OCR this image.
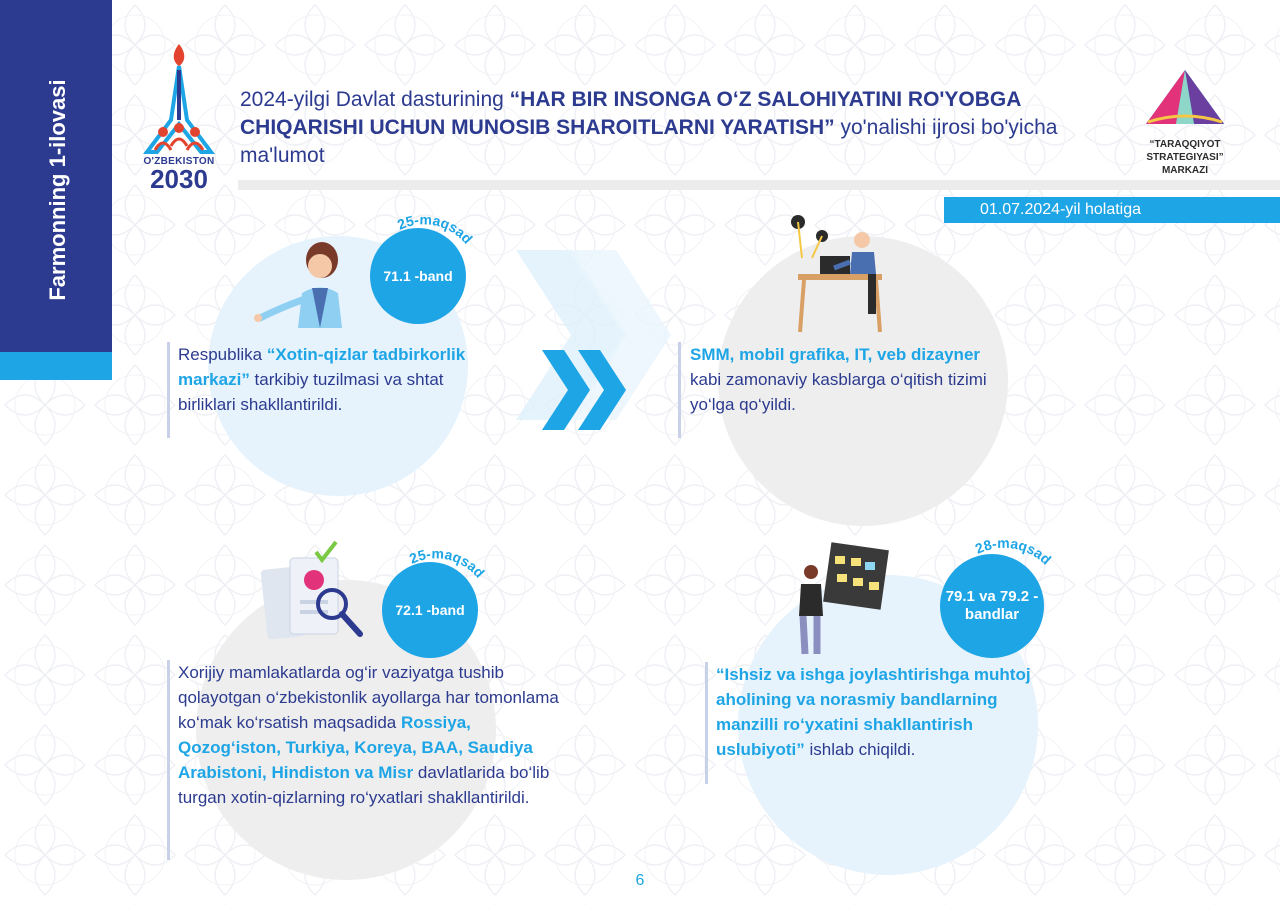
Farmonning 1-ilovasi	O'ZBEKISTON
2030
2024-yilgi Davlat dasturining “HAR BIR INSONGA O‘Z SALOHIYATINI RO'YOBGA CHIQARISHI UCHUN MUNOSIB SHAROITLARNI YARATISH” yo'nalishi ijrosi bo'yicha ma'lumot
01.07.2024-yil holatiga
“TARAQQIYOT STRATEGIYASI”
MARKAZI
71.1 -band
25-maqsad
Respublika “Xotin-qizlar tadbirkorlik markazi” tarkibiy tuzilmasi va shtat birliklari shakllantirildi.
SMM, mobil grafika, IT, veb dizayner kabi zamonaviy kasblarga o‘qitish tizimi yo‘lga qo‘yildi.
72.1 -band
25-maqsad
Xorijiy mamlakatlarda og‘ir vaziyatga tushib qolayotgan o‘zbekistonlik ayollarga har tomonlama ko‘mak ko‘rsatish maqsadida Rossiya, Qozog‘iston, Turkiya, Koreya, BAA, Saudiya Arabistoni, Hindiston va Misr davlatlarida bo‘lib turgan xotin-qizlarning ro‘yxatlari shakllantirildi.
79.1 va 79.2 -bandlar
28-maqsad
“Ishsiz va ishga joylashtirishga muhtoj aholining va norasmiy bandlarning manzilli ro‘yxatini shakllantirish uslubiyoti” ishlab chiqildi.
6
